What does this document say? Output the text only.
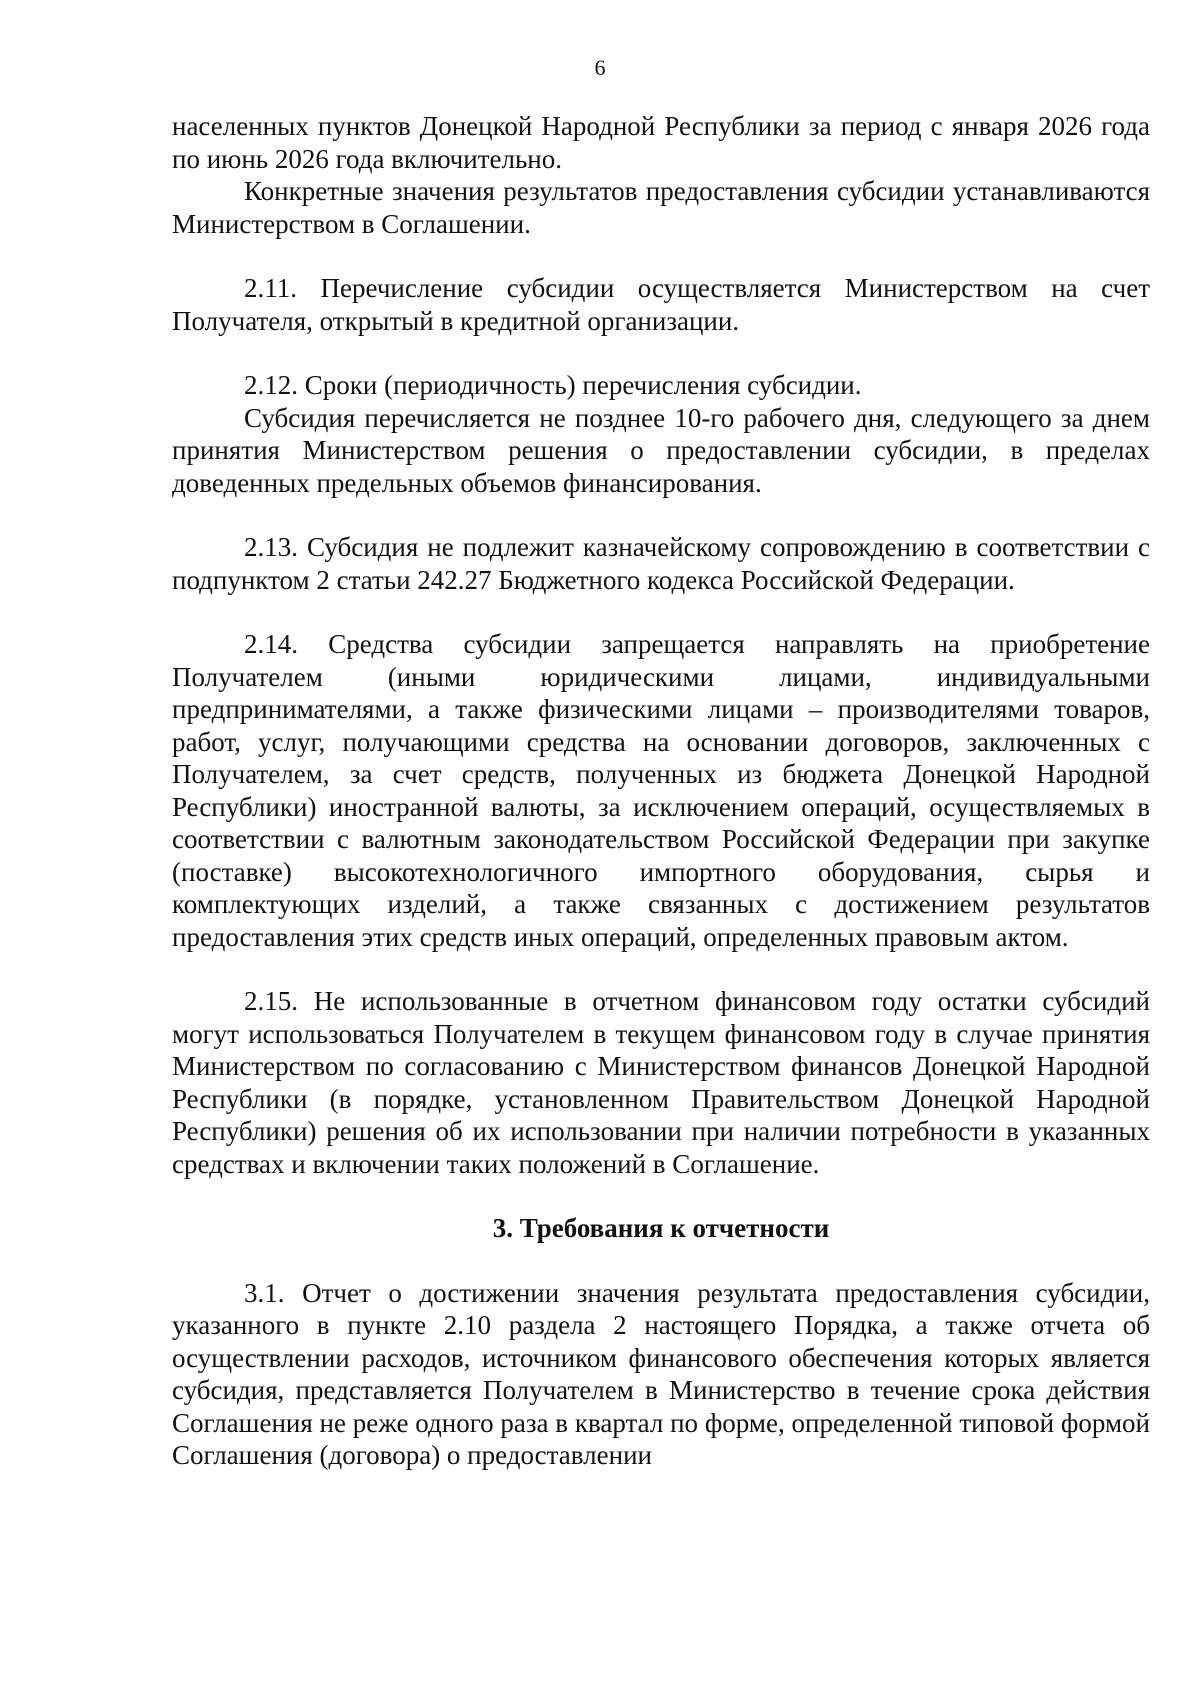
6

населенных пунктов Донецкой Народной Республики за период с января 2026 года по июнь 2026 года включительно.

Конкретные значения результатов предоставления субсидии устанавливаются Министерством в Соглашении.

2.11. Перечисление субсидии осуществляется Министерством на счет Получателя, открытый в кредитной организации.

2.12. Сроки (периодичность) перечисления субсидии.

Субсидия перечисляется не позднее 10-го рабочего дня, следующего за днем принятия Министерством решения о предоставлении субсидии, в пределах доведенных предельных объемов финансирования.

2.13. Субсидия не подлежит казначейскому сопровождению в соответствии с подпунктом 2 статьи 242.27 Бюджетного кодекса Российской Федерации.

2.14. Средства субсидии запрещается направлять на приобретение Получателем (иными юридическими лицами, индивидуальными предпринимателями, а также физическими лицами – производителями товаров, работ, услуг, получающими средства на основании договоров, заключенных с Получателем, за счет средств, полученных из бюджета Донецкой Народной Республики) иностранной валюты, за исключением операций, осуществляемых в соответствии с валютным законодательством Российской Федерации при закупке (поставке) высокотехнологичного импортного оборудования, сырья и комплектующих изделий, а также связанных с достижением результатов предоставления этих средств иных операций, определенных правовым актом.

2.15. Не использованные в отчетном финансовом году остатки субсидий могут использоваться Получателем в текущем финансовом году в случае принятия Министерством по согласованию с Министерством финансов Донецкой Народной Республики (в порядке, установленном Правительством Донецкой Народной Республики) решения об их использовании при наличии потребности в указанных средствах и включении таких положений в Соглашение.

3. Требования к отчетности

3.1. Отчет о достижении значения результата предоставления субсидии, указанного в пункте 2.10 раздела 2 настоящего Порядка, а также отчета об осуществлении расходов, источником финансового обеспечения которых является субсидия, представляется Получателем в Министерство в течение срока действия Соглашения не реже одного раза в квартал по форме, определенной типовой формой Соглашения (договора) о предоставлении
